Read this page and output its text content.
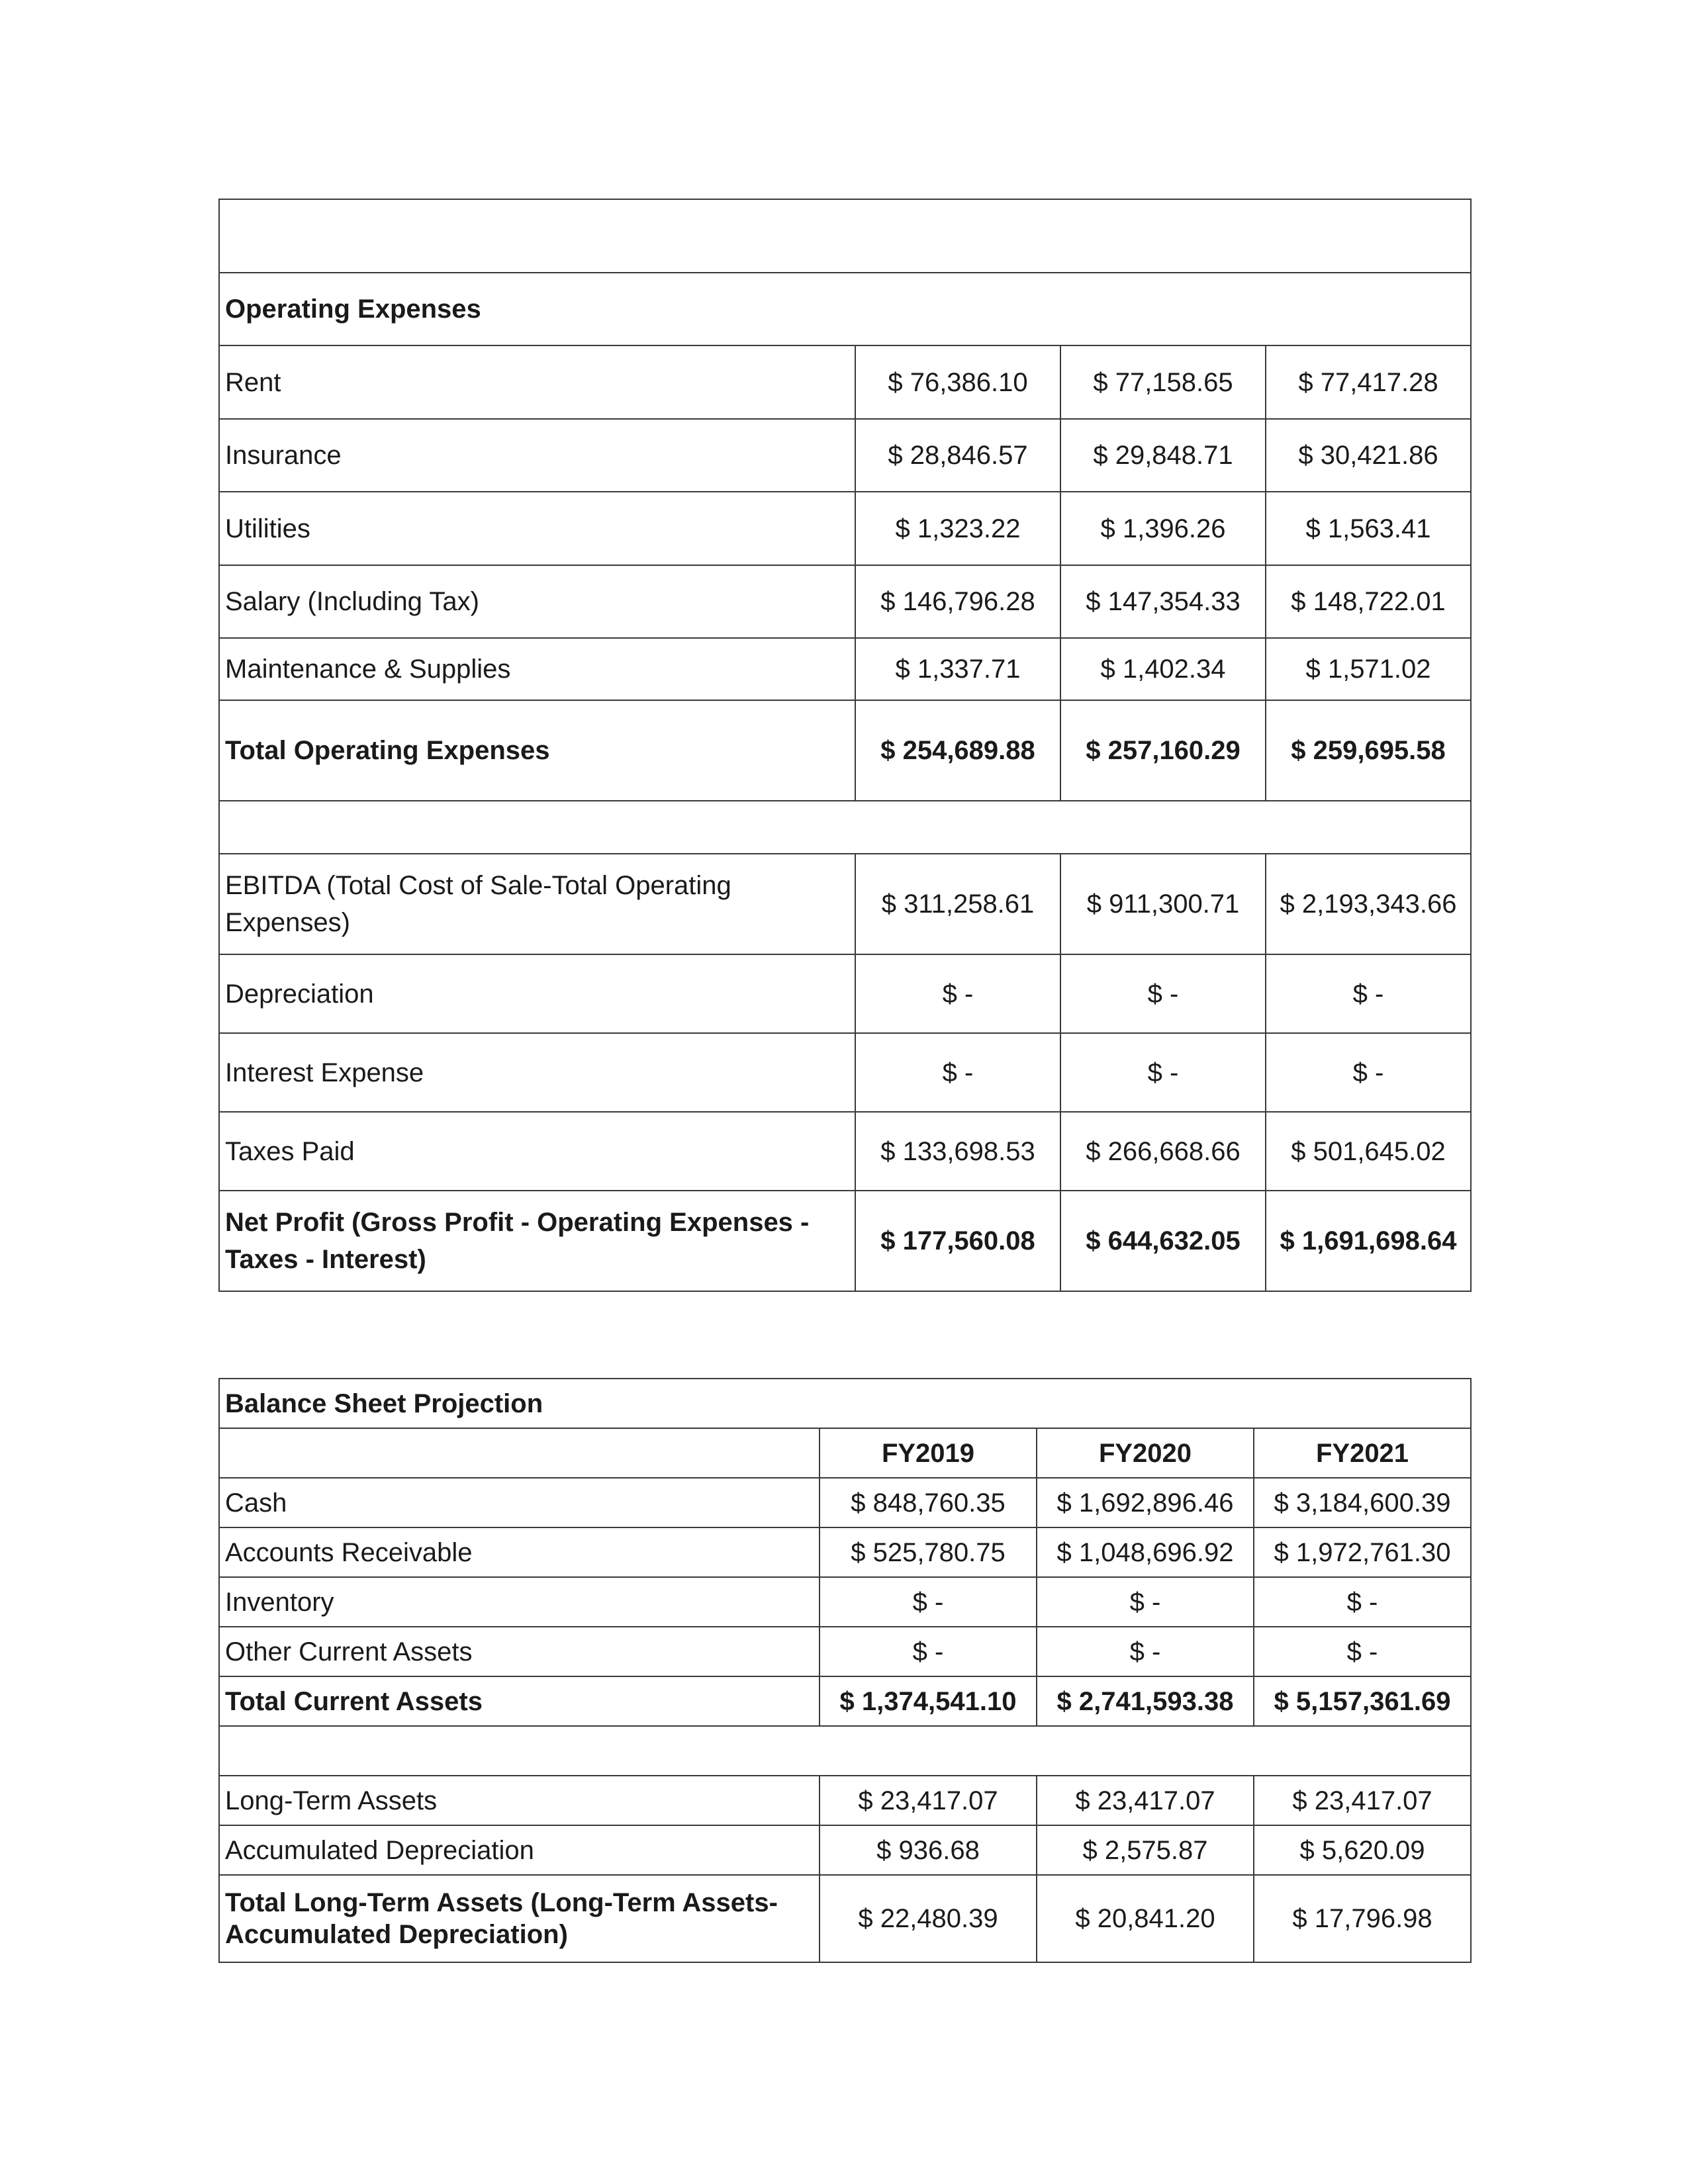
Operating Expenses			
Rent	$ 76,386.10	$ 77,158.65	$ 77,417.28
Insurance	$ 28,846.57	$ 29,848.71	$ 30,421.86
Utilities	$ 1,323.22	$ 1,396.26	$ 1,563.41
Salary (Including Tax)	$ 146,796.28	$ 147,354.33	$ 148,722.01
Maintenance & Supplies	$ 1,337.71	$ 1,402.34	$ 1,571.02
Total Operating Expenses	$ 254,689.88	$ 257,160.29	$ 259,695.58

EBITDA (Total Cost of Sale-Total Operating Expenses)	$ 311,258.61	$ 911,300.71	$ 2,193,343.66
Depreciation	$ -	$ -	$ -
Interest Expense	$ -	$ -	$ -
Taxes Paid	$ 133,698.53	$ 266,668.66	$ 501,645.02
Net Profit (Gross Profit - Operating Expenses - Taxes - Interest)	$ 177,560.08	$ 644,632.05	$ 1,691,698.64
Balance Sheet Projection			
	FY2019	FY2020	FY2021
Cash	$ 848,760.35	$ 1,692,896.46	$ 3,184,600.39
Accounts Receivable	$ 525,780.75	$ 1,048,696.92	$ 1,972,761.30
Inventory	$ -	$ -	$ -
Other Current Assets	$ -	$ -	$ -
Total Current Assets	$ 1,374,541.10	$ 2,741,593.38	$ 5,157,361.69

Long-Term Assets	$ 23,417.07	$ 23,417.07	$ 23,417.07
Accumulated Depreciation	$ 936.68	$ 2,575.87	$ 5,620.09
Total Long-Term Assets (Long-Term Assets-Accumulated Depreciation)	$ 22,480.39	$ 20,841.20	$ 17,796.98
